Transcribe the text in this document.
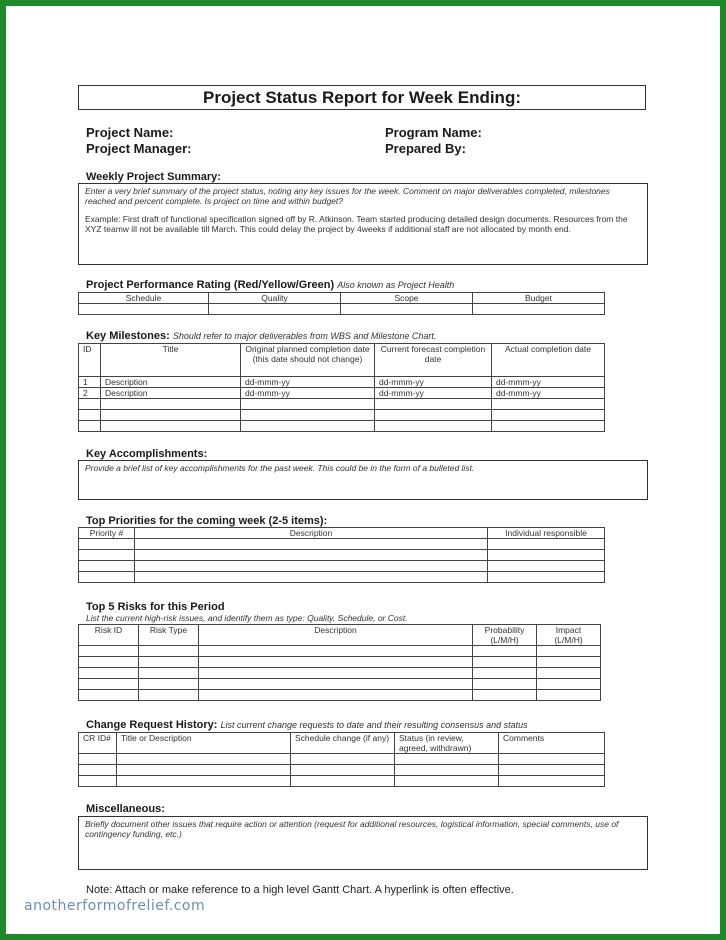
Project Status Report for Week Ending:
Project Name:	Program Name:
Project Manager:	Prepared By:
Weekly Project Summary:
Enter a very brief summary of the project status, noting any key issues for the week. Comment on major deliverables completed, milestones reached and percent complete. Is project on time and within budget?
Example: First draft of functional specification signed off by R. Atkinson. Team started producing detailed design documents. Resources from the XYZ teamw ill not be available till March. This could delay the project by 4weeks if additional staff are not allocated by month end.
Project Performance Rating (Red/Yellow/Green) Also known as Project Health
Schedule	Quality	Scope	Budget

Key Milestones: Should refer to major deliverables from WBS and Milestone Chart.
ID	Title	Original planned completion date (this date should not change)	Current forecast completion date	Actual completion date
1	Description	dd-mmm-yy	dd-mmm-yy	dd-mmm-yy
2	Description	dd-mmm-yy	dd-mmm-yy	dd-mmm-yy

Key Accomplishments:
Provide a brief list of key accomplishments for the past week. This could be in the form of a bulleted list.
Top Priorities for the coming week (2-5 items):
Priority #	Description	Individual responsible

Top 5 Risks for this Period
List the current high-risk issues, and identify them as type: Quality, Schedule, or Cost.
Risk ID	Risk Type	Description	Probability (L/M/H)	Impact (L/M/H)

Change Request History: List current change requests to date and their resulting consensus and status
CR ID#	Title or Description	Schedule change (if any)	Status (in review, agreed, withdrawn)	Comments

Miscellaneous:
Briefly document other issues that require action or attention (request for additional resources, logistical information, special comments, use of contingency funding, etc.)
Note: Attach or make reference to a high level Gantt Chart. A hyperlink is often effective.
anotherformofrelief.com
